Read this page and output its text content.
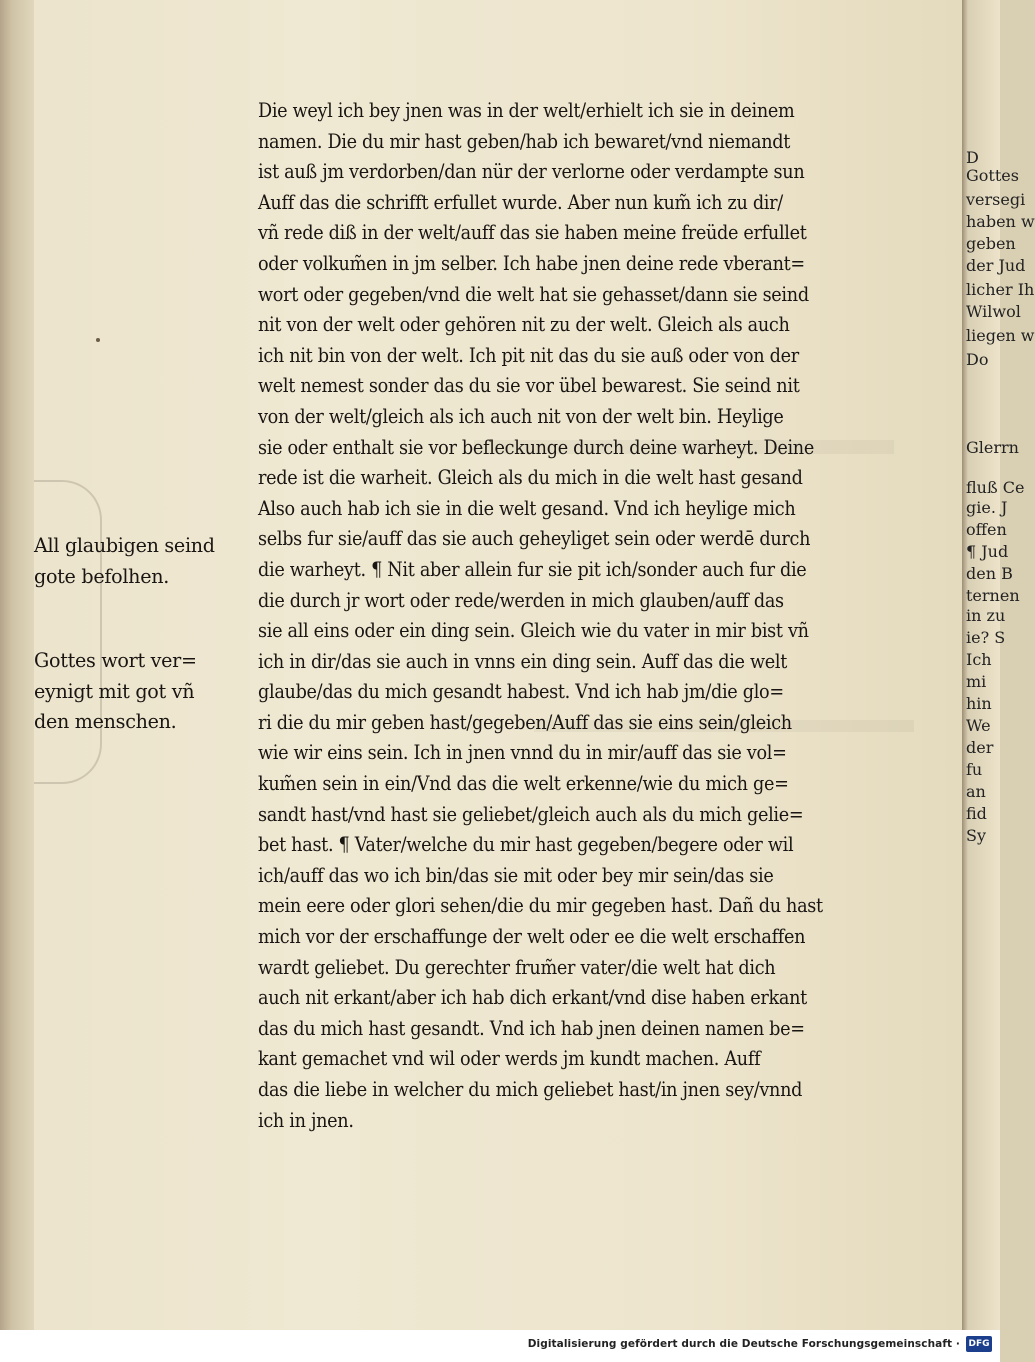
D
Gottes
versegi
haben w
geben
der Jud
licher Ih
Wilwol
liegen w
Do
Glerrn
fluß Ce
gie. J
offen
¶ Jud
den B
ternen
in zu
ie? S
Ich
mi
hin
We
der
fu
an
fid
Sy
Die weyl ich bey jnen was in der welt/erhielt ich sie in deinem
namen. Die du mir hast geben/hab ich bewaret/vnd niemandt
ist auß jm verdorben/dan nür der verlorne oder verdampte sun
Auff das die schrifft erfullet wurde. Aber nun kum̃ ich zu dir/
vñ rede diß in der welt/auff das sie haben meine freüde erfullet
oder volkum̃en in jm selber. Ich habe jnen deine rede vberant=
wort oder gegeben/vnd die welt hat sie gehasset/dann sie seind
nit von der welt oder gehören nit zu der welt. Gleich als auch
ich nit bin von der welt. Ich pit nit das du sie auß oder von der
welt nemest sonder das du sie vor übel bewarest. Sie seind nit
von der welt/gleich als ich auch nit von der welt bin. Heylige
sie oder enthalt sie vor befleckunge durch deine warheyt. Deine
rede ist die warheit. Gleich als du mich in die welt hast gesand
Also auch hab ich sie in die welt gesand. Vnd ich heylige mich
selbs fur sie/auff das sie auch geheyliget sein oder werdē durch
die warheyt. ¶ Nit aber allein fur sie pit ich/sonder auch fur die
die durch jr wort oder rede/werden in mich glauben/auff das
sie all eins oder ein ding sein. Gleich wie du vater in mir bist vñ
ich in dir/das sie auch in vnns ein ding sein. Auff das die welt
glaube/das du mich gesandt habest. Vnd ich hab jm/die glo=
ri die du mir geben hast/gegeben/Auff das sie eins sein/gleich
wie wir eins sein. Ich in jnen vnnd du in mir/auff das sie vol=
kum̃en sein in ein/Vnd das die welt erkenne/wie du mich ge=
sandt hast/vnd hast sie geliebet/gleich auch als du mich gelie=
bet hast. ¶ Vater/welche du mir hast gegeben/begere oder wil
ich/auff das wo ich bin/das sie mit oder bey mir sein/das sie
mein eere oder glori sehen/die du mir gegeben hast. Dañ du hast
mich vor der erschaffunge der welt oder ee die welt erschaffen
wardt geliebet. Du gerechter frum̃er vater/die welt hat dich
auch nit erkant/aber ich hab dich erkant/vnd dise haben erkant
das du mich hast gesandt. Vnd ich hab jnen deinen namen be=
kant gemachet vnd wil oder werds jm kundt machen. Auff
das die liebe in welcher du mich geliebet hast/in jnen sey/vnnd
ich in jnen.
All glaubigen seind
gote befolhen.
Gottes wort ver=
eynigt mit got vñ
den menschen.
Digitalisierung gefördert durch die Deutsche Forschungsgemeinschaft · DFG
